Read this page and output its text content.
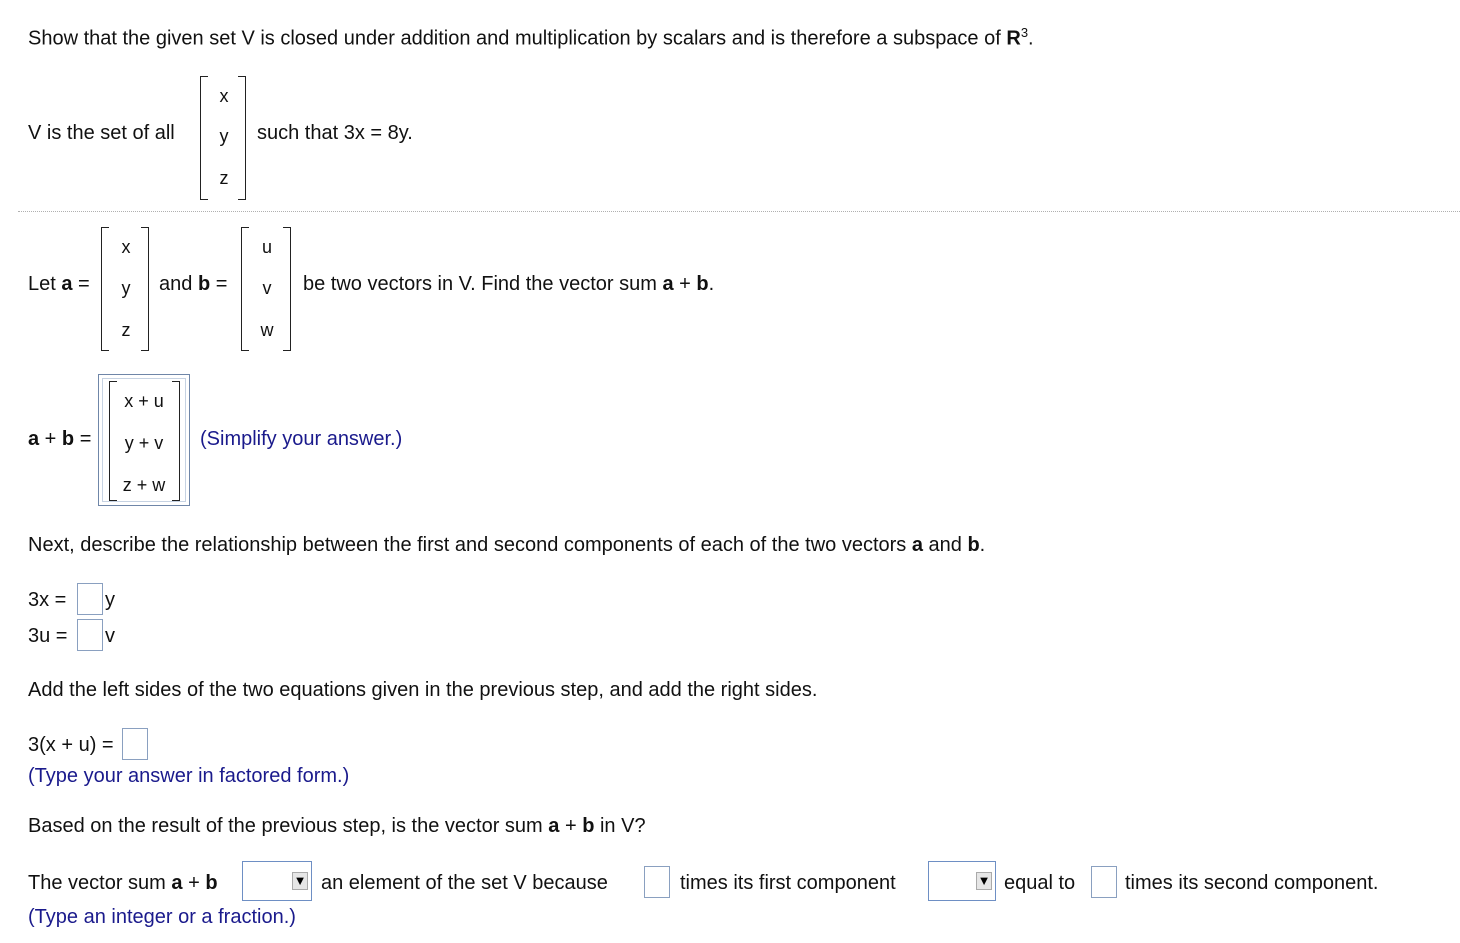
Show that the given set V is closed under addition and multiplication by scalars and is therefore a subspace of $R^3$.
V is the set of all
x
y
z
such that 3x = 8y.
Let a =
x
y
z
and b =
u
v
w
be two vectors in V. Find the vector sum a + b.
a + b =
x + u
y + v
z + w
(Simplify your answer.)
Next, describe the relationship between the first and second components of each of the two vectors a and b.
3x = y
3u = v
Add the left sides of the two equations given in the previous step, and add the right sides.
3(x + u) =
(Type your answer in factored form.)
Based on the result of the previous step, is the vector sum a + b in V?
The vector sum a + b	▼ an element of the set V because	times its first component	▼ equal to times its second component.
(Type an integer or a fraction.)
